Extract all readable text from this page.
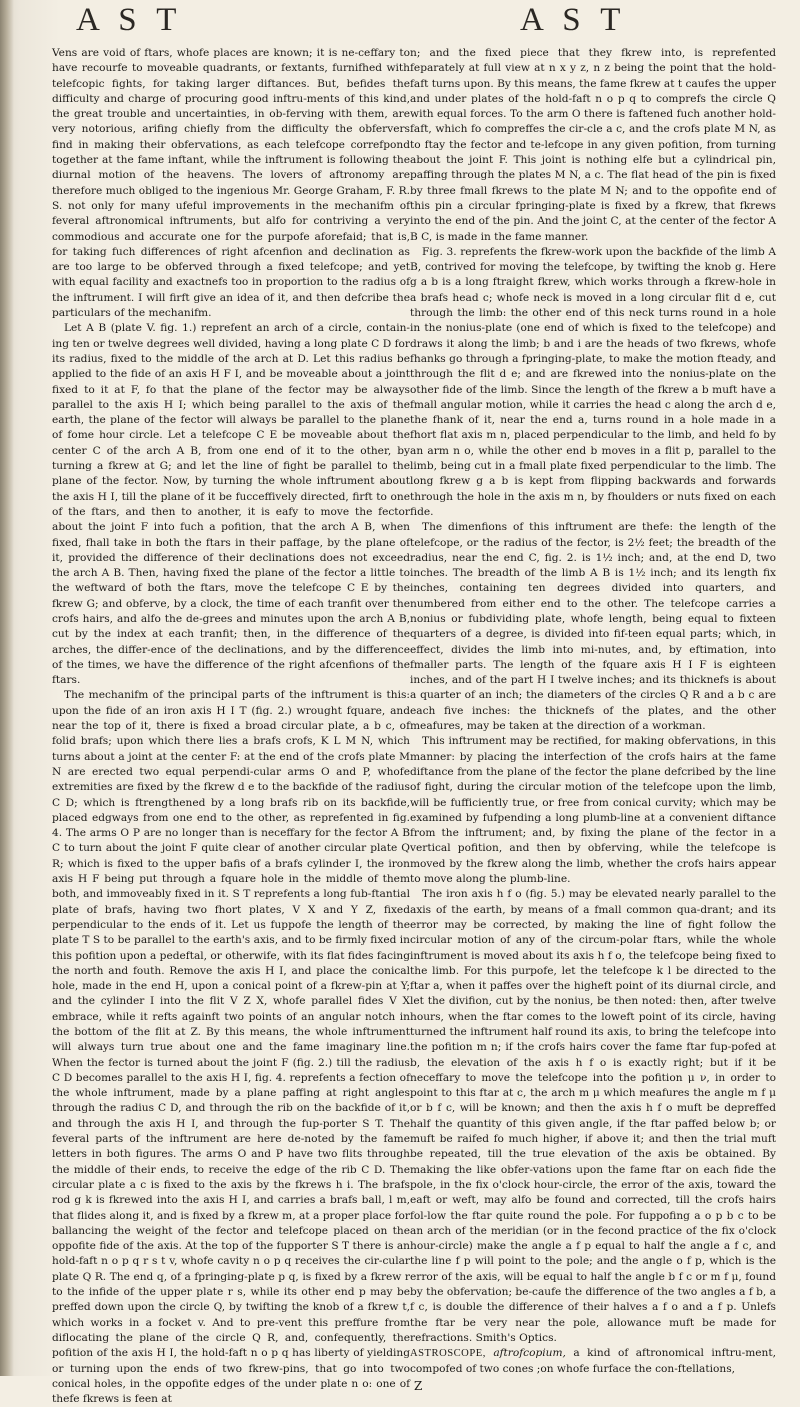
A S T	A S T

Vens are void of ftars, whofe places are known; it is ne-ceffary to have recourfe to moveable quadrants, or fextants, furnifhed with telefcopic fights, for taking larger diftances. But, befides the difficulty and charge of procuring good inftru-ments of this kind, the great trouble and uncertainties, in ob-ferving with them, are very notorious, arifing chiefly from the difficulty the obfervers find in making their obfervations, as each telefcope correfpond together at the fame inftant, while the inftrument is following the diurnal motion of the heavens. The lovers of aftronomy are therefore much obliged to the ingenious Mr. George Graham, F. R. S. not only for many ufeful improvements in the mechanifm of feveral aftronomical inftruments, but alfo for contriving a very commodious and accurate one for the purpofe aforefaid; that is, for taking fuch differences of right afcenfion and declination as are too large to be obferved through a fixed telefcope; and yet with equal facility and exactnefs too in proportion to the radius of the inftrument. I will firft give an idea of it, and then defcribe the particulars of the mechanifm.

Let A B (plate V. fig. 1.) reprefent an arch of a circle, contain-ing ten or twelve degrees well divided, having a long plate C D for its radius, fixed to the middle of the arch at D. Let this radius be applied to the fide of an axis H F I, and be moveable about a joint fixed to it at F, fo that the plane of the fector may be always parallel to the axis H I; which being parallel to the axis of the earth, the plane of the fector will always be parallel to the plane of fome hour circle. Let a telefcope C E be moveable about the center C of the arch A B, from one end of it to the other, by turning a fkrew at G; and let the line of fight be parallel to the plane of the fector. Now, by turning the whole inftrument about the axis H I, till the plane of it be fucceffively directed, firft to one of the ftars, and then to another, it is eafy to move the fector about the joint F into fuch a pofition, that the arch A B, when fixed, fhall take in both the ftars in their paffage, by the plane of it, provided the difference of their declinations does not exceed the arch A B. Then, having fixed the plane of the fector a little to the weftward of both the ftars, move the telefcope C E by the fkrew G; and obferve, by a clock, the time of each tranfit over the crofs hairs, and alfo the de-grees and minutes upon the arch A B, cut by the index at each tranfit; then, in the difference of the arches, the differ-ence of the declinations, and by the difference of the times, we have the difference of the right afcenfions of the ftars.

The mechanifm of the principal parts of the inftrument is this: upon the fide of an iron axis H I T (fig. 2.) wrought fquare, and near the top of it, there is fixed a broad circular plate, a b c, of folid brafs; upon which there lies a brafs crofs, K L M N, which turns about a joint at the center F: at the end of the crofs plate M N are erected two equal perpendi-cular arms O and P, whofe extremities are fixed by the fkrew d e to the backfide of the radius C D; which is ftrengthened by a long brafs rib on its backfide, placed edgways from one end to the other, as reprefented in fig. 4. The arms O P are no longer than is neceffary for the fector A B C to turn about the joint F quite clear of another circular plate Q R; which is fixed to the upper bafis of a brafs cylinder I, the iron axis H F being put through a fquare hole in the middle of them both, and immoveably fixed in it. S T reprefents a long fub-ftantial plate of brafs, having two fhort plates, V X and Y Z, fixed perpendicular to the ends of it. Let us fuppofe the length of the plate T S to be parallel to the earth's axis, and to be firmly fixed in this pofition upon a pedeftal, or otherwife, with its flat fides facing the north and fouth. Remove the axis H I, and place the conical hole, made in the end H, upon a conical point of a fkrew-pin at Y; and the cylinder I into the flit V Z X, whofe parallel fides V X embrace, while it refts againft two points of an angular notch in the bottom of the flit at Z. By this means, the whole inftrument will always turn true about one and the fame imaginary line. When the fector is turned about the joint F (fig. 2.) till the radius C D becomes parallel to the axis H I, fig. 4. reprefents a fection of the whole inftrument, made by a plane paffing at right angles through the radius C D, and through the rib on the backfide of it, and through the axis H I, and through the fup-porter S T. The feveral parts of the inftrument are here de-noted by the fame letters in both figures. The arms O and P have two flits through the middle of their ends, to receive the edge of the rib C D. The circular plate a c is fixed to the axis by the fkrews h i. The brafs rod g k is fkrewed into the axis H I, and carries a brafs ball, l m, that flides along it, and is fixed by a fkrew m, at a proper place for ballancing the weight of the fector and telefcope placed on the oppofite fide of the axis. At the top of the fupporter S T there is an hold-faft n o p q r s t v, whofe cavity n o p q receives the cir-cular plate Q R. The end q, of a fpringing-plate p q, is fixed by a fkrew r to the infide of the upper plate r s, while its other end p may be preffed down upon the circle Q, by twifting the knob of a fkrew t, which works in a focket v. And to pre-vent this preffure from diflocating the plane of the circle Q R, and, confequently, the pofition of the axis H I, the hold-faft n o p q has liberty of yielding or turning upon the ends of two fkrew-pins, that go into two conical holes, in the oppofite edges of the under plate n o: one of thefe fkrews is feen at

n; and the fixed piece that they fkrew into, is reprefented feparately at full view at n x y z, n z being the point that the hold-faft turns upon. By this means, the fame fkrew at t caufes the upper and under plates of the hold-faft n o p q to comprefs the circle Q with equal forces. To the arm O there is faftened fuch another hold-faft, which fo compreffes the cir-cle a c, and the crofs plate M N, as to ftay the fector and te-lefcope in any given pofition, from turning about the joint F. This joint is nothing elfe but a cylindrical pin, paffing through the plates M N, a c. The flat head of the pin is fixed by three fmall fkrews to the plate M N; and to the oppofite end of this pin a circular fpringing-plate is fixed by a fkrew, that fkrews into the end of the pin. And the joint C, at the center of the fector A B C, is made in the fame manner.

Fig. 3. reprefents the fkrew-work upon the backfide of the limb A B, contrived for moving the telefcope, by twifting the knob g. Here g a b is a long ftraight fkrew, which works through a fkrew-hole in a brafs head c; whofe neck is moved in a long circular flit d e, cut through the limb: the other end of this neck turns round in a hole in the nonius-plate (one end of which is fixed to the telefcope) and draws it along the limb; b and i are the heads of two fkrews, whofe fhanks go through a fpringing-plate, to make the motion fteady, and through the flit d e; and are fkrewed into the nonius-plate on the other fide of the limb. Since the length of the fkrew a b muft have a fmall angular motion, while it carries the head c along the arch d e, the fhank of it, near the end a, turns round in a hole made in a fhort flat axis m n, placed perpendicular to the limb, and held fo by an arm n o, while the other end b moves in a flit p, parallel to the limb, being cut in a fmall plate fixed perpendicular to the limb. The long fkrew g a b is kept from flipping backwards and forwards through the hole in the axis m n, by fhoulders or nuts fixed on each fide.

The dimenfions of this inftrument are thefe: the length of the telefcope, or the radius of the fector, is 2½ feet; the breadth of the radius, near the end C, fig. 2. is 1½ inch; and, at the end D, two inches. The breadth of the limb A B is 1½ inch; and its length fix inches, containing ten degrees divided into quarters, and numbered from either end to the other. The telefcope carries a nonius or fubdividing plate, whofe length, being equal to fixteen quarters of a degree, is divided into fif-teen equal parts; which, in effect, divides the limb into mi-nutes, and, by eftimation, into fmaller parts. The length of the fquare axis H I F is eighteen inches, and of the part H I twelve inches; and its thicknefs is about a quarter of an inch; the diameters of the circles Q R and a b c are each five inches: the thicknefs of the plates, and the other meafures, may be taken at the direction of a workman.

This inftrument may be rectified, for making obfervations, in this manner: by placing the interfection of the crofs hairs at the fame diftance from the plane of the fector the plane defcribed by the line of fight, during the circular motion of the telefcope upon the limb, will be fufficiently true, or free from conical curvity; which may be examined by fufpending a long plumb-line at a convenient diftance from the inftrument; and, by fixing the plane of the fector in a vertical pofition, and then by obferving, while the telefcope is moved by the fkrew along the limb, whether the crofs hairs appear to move along the plumb-line.

The iron axis h f o (fig. 5.) may be elevated nearly parallel to the axis of the earth, by means of a fmall common qua-drant; and its error may be corrected, by making the line of fight follow the circular motion of any of the circum-polar ftars, while the whole inftrument is moved about its axis h f o, the telefcope being fixed to the limb. For this purpofe, let the telefcope k l be directed to the ftar a, when it paffes over the higheft point of its diurnal circle, and let the divifion, cut by the nonius, be then noted: then, after twelve hours, when the ftar comes to the loweft point of its circle, having turned the inftrument half round its axis, to bring the telefcope into the pofition m n; if the crofs hairs cover the fame ftar fup-pofed at b, the elevation of the axis h f o is exactly right; but if it be neceffary to move the telefcope into the pofition μ ν, in order to point to this ftar at c, the arch m μ which meafures the angle m f μ or b f c, will be known; and then the axis h f o muft be depreffed half the quantity of this given angle, if the ftar paffed below b; or muft be raifed fo much higher, if above it; and then the trial muft be repeated, till the true elevation of the axis be obtained. By making the like obfer-vations upon the fame ftar on each fide the pole, in the fix o'clock hour-circle, the error of the axis, toward the eaft or weft, may alfo be found and corrected, till the crofs hairs fol-low the ftar quite round the pole. For fuppofing a o p b c to be an arch of the meridian (or in the fecond practice of the fix o'clock hour-circle) make the angle a f p equal to half the angle a f c, and the line f p will point to the pole; and the angle o f p, which is the error of the axis, will be equal to half the angle b f c or m f μ, found by the obfervation; be-caufe the difference of the two angles a f b, a f c, is double the difference of their halves a f o and a f p. Unlefs the ftar be very near the pole, allowance muft be made for refractions. Smith's Optics.

ASTROSCOPE, aftrofcopium, a kind of aftronomical inftru-ment, compofed of two cones ;on whofe furface the con-ftellations,

Z
